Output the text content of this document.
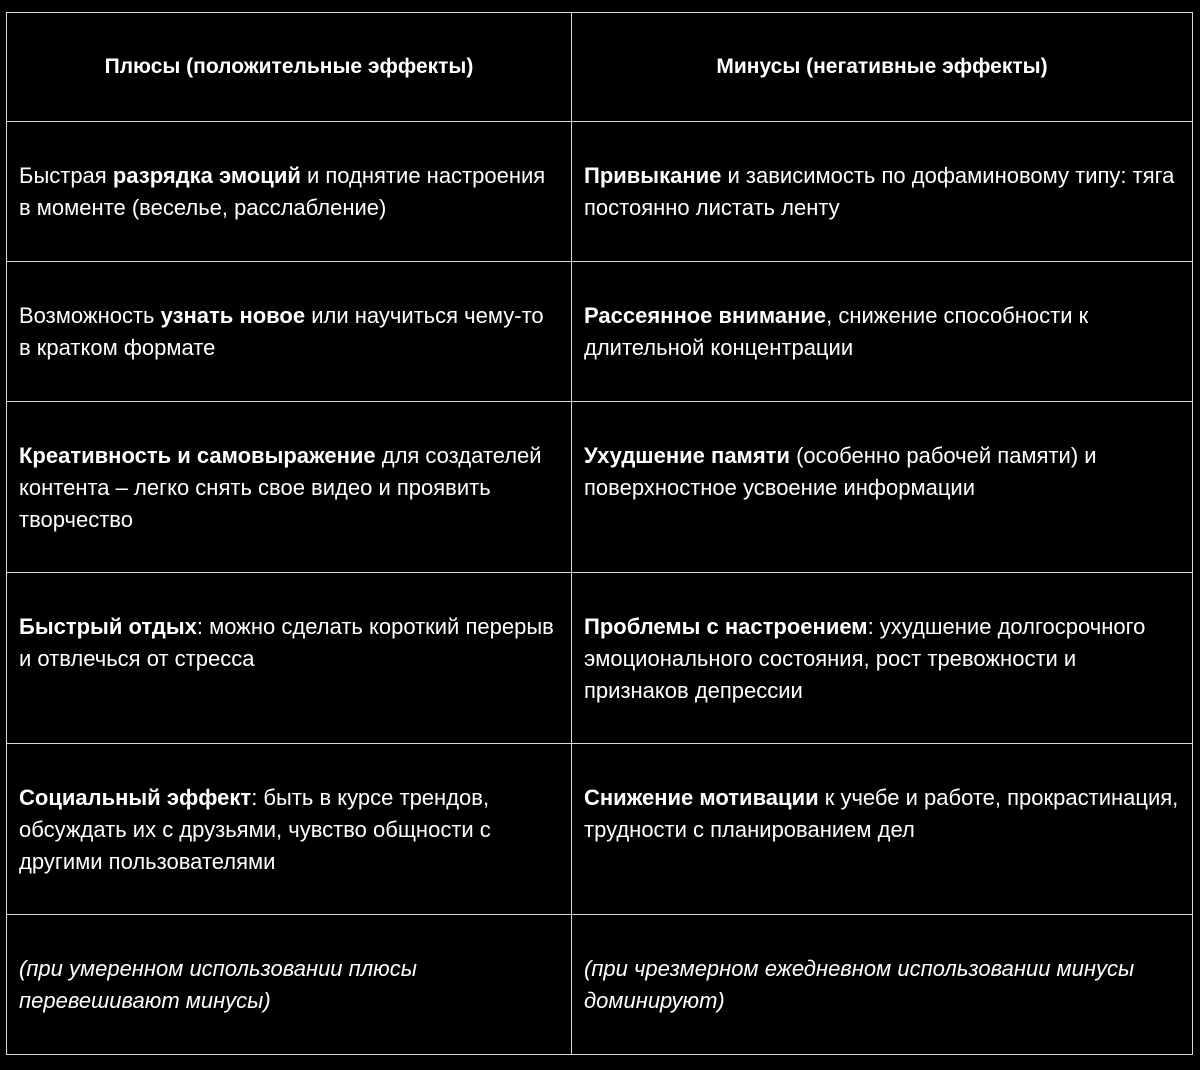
Плюсы (положительные эффекты)	Минусы (негативные эффекты)
Быстрая разрядка эмоций и поднятие настроения в моменте (веселье, расслабление)	Привыкание и зависимость по дофаминовому типу: тяга постоянно листать ленту
Возможность узнать новое или научиться чему-то в кратком формате	Рассеянное внимание, снижение способности к длительной концентрации
Креативность и самовыражение для создателей контента – легко снять свое видео и проявить творчество	Ухудшение памяти (особенно рабочей памяти) и поверхностное усвоение информации
Быстрый отдых: можно сделать короткий перерыв и отвлечься от стресса	Проблемы с настроением: ухудшение долгосрочного эмоционального состояния, рост тревожности и признаков депрессии
Социальный эффект: быть в курсе трендов, обсуждать их с друзьями, чувство общности с другими пользователями	Снижение мотивации к учебе и работе, прокрастинация, трудности с планированием дел
(при умеренном использовании плюсы перевешивают минусы)	(при чрезмерном ежедневном использовании минусы доминируют)
